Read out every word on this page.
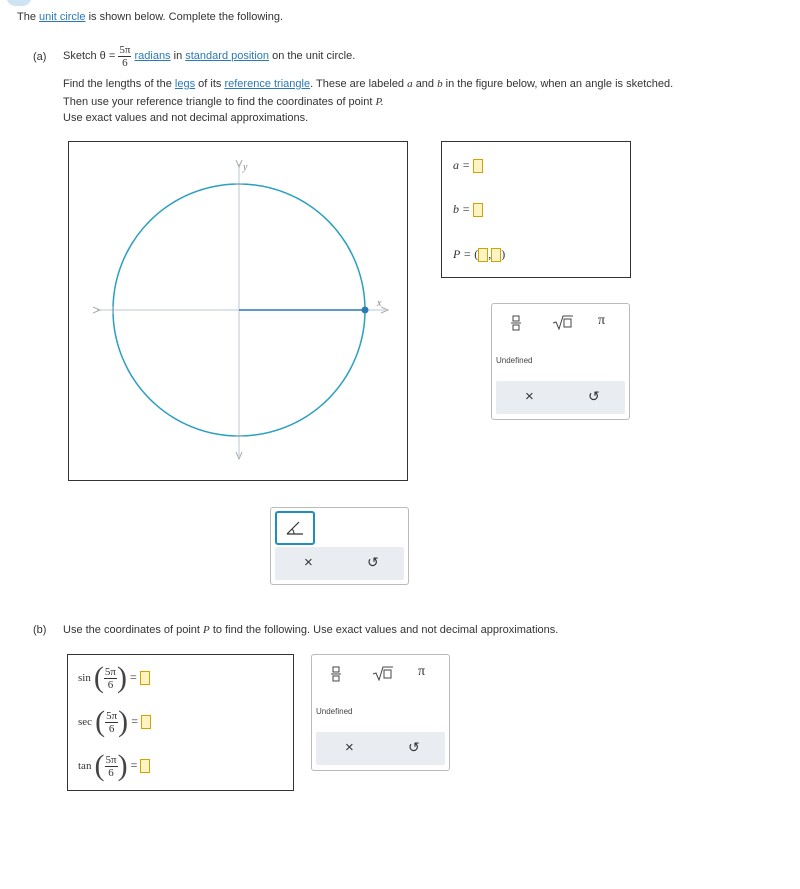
The unit circle is shown below. Complete the following.
(a) Sketch $\theta = \frac{5\pi}{6}$ radians in standard position on the unit circle.
Find the lengths of the legs of its reference triangle. These are labeled a and b in the figure below, when an angle is sketched.
Then use your reference triangle to find the coordinates of point P.
Use exact values and not decimal approximations.
x
y	a =
b =
P = ( , )
π
Undefined
×	↺
×	↺
(b) Use the coordinates of point P to find the following. Use exact values and not decimal approximations.
sin ( $\frac{5\pi}{6}$ ) =
sec ( $\frac{5\pi}{6}$ ) =
tan ( $\frac{5\pi}{6}$ ) =
π
Undefined
×	↺
